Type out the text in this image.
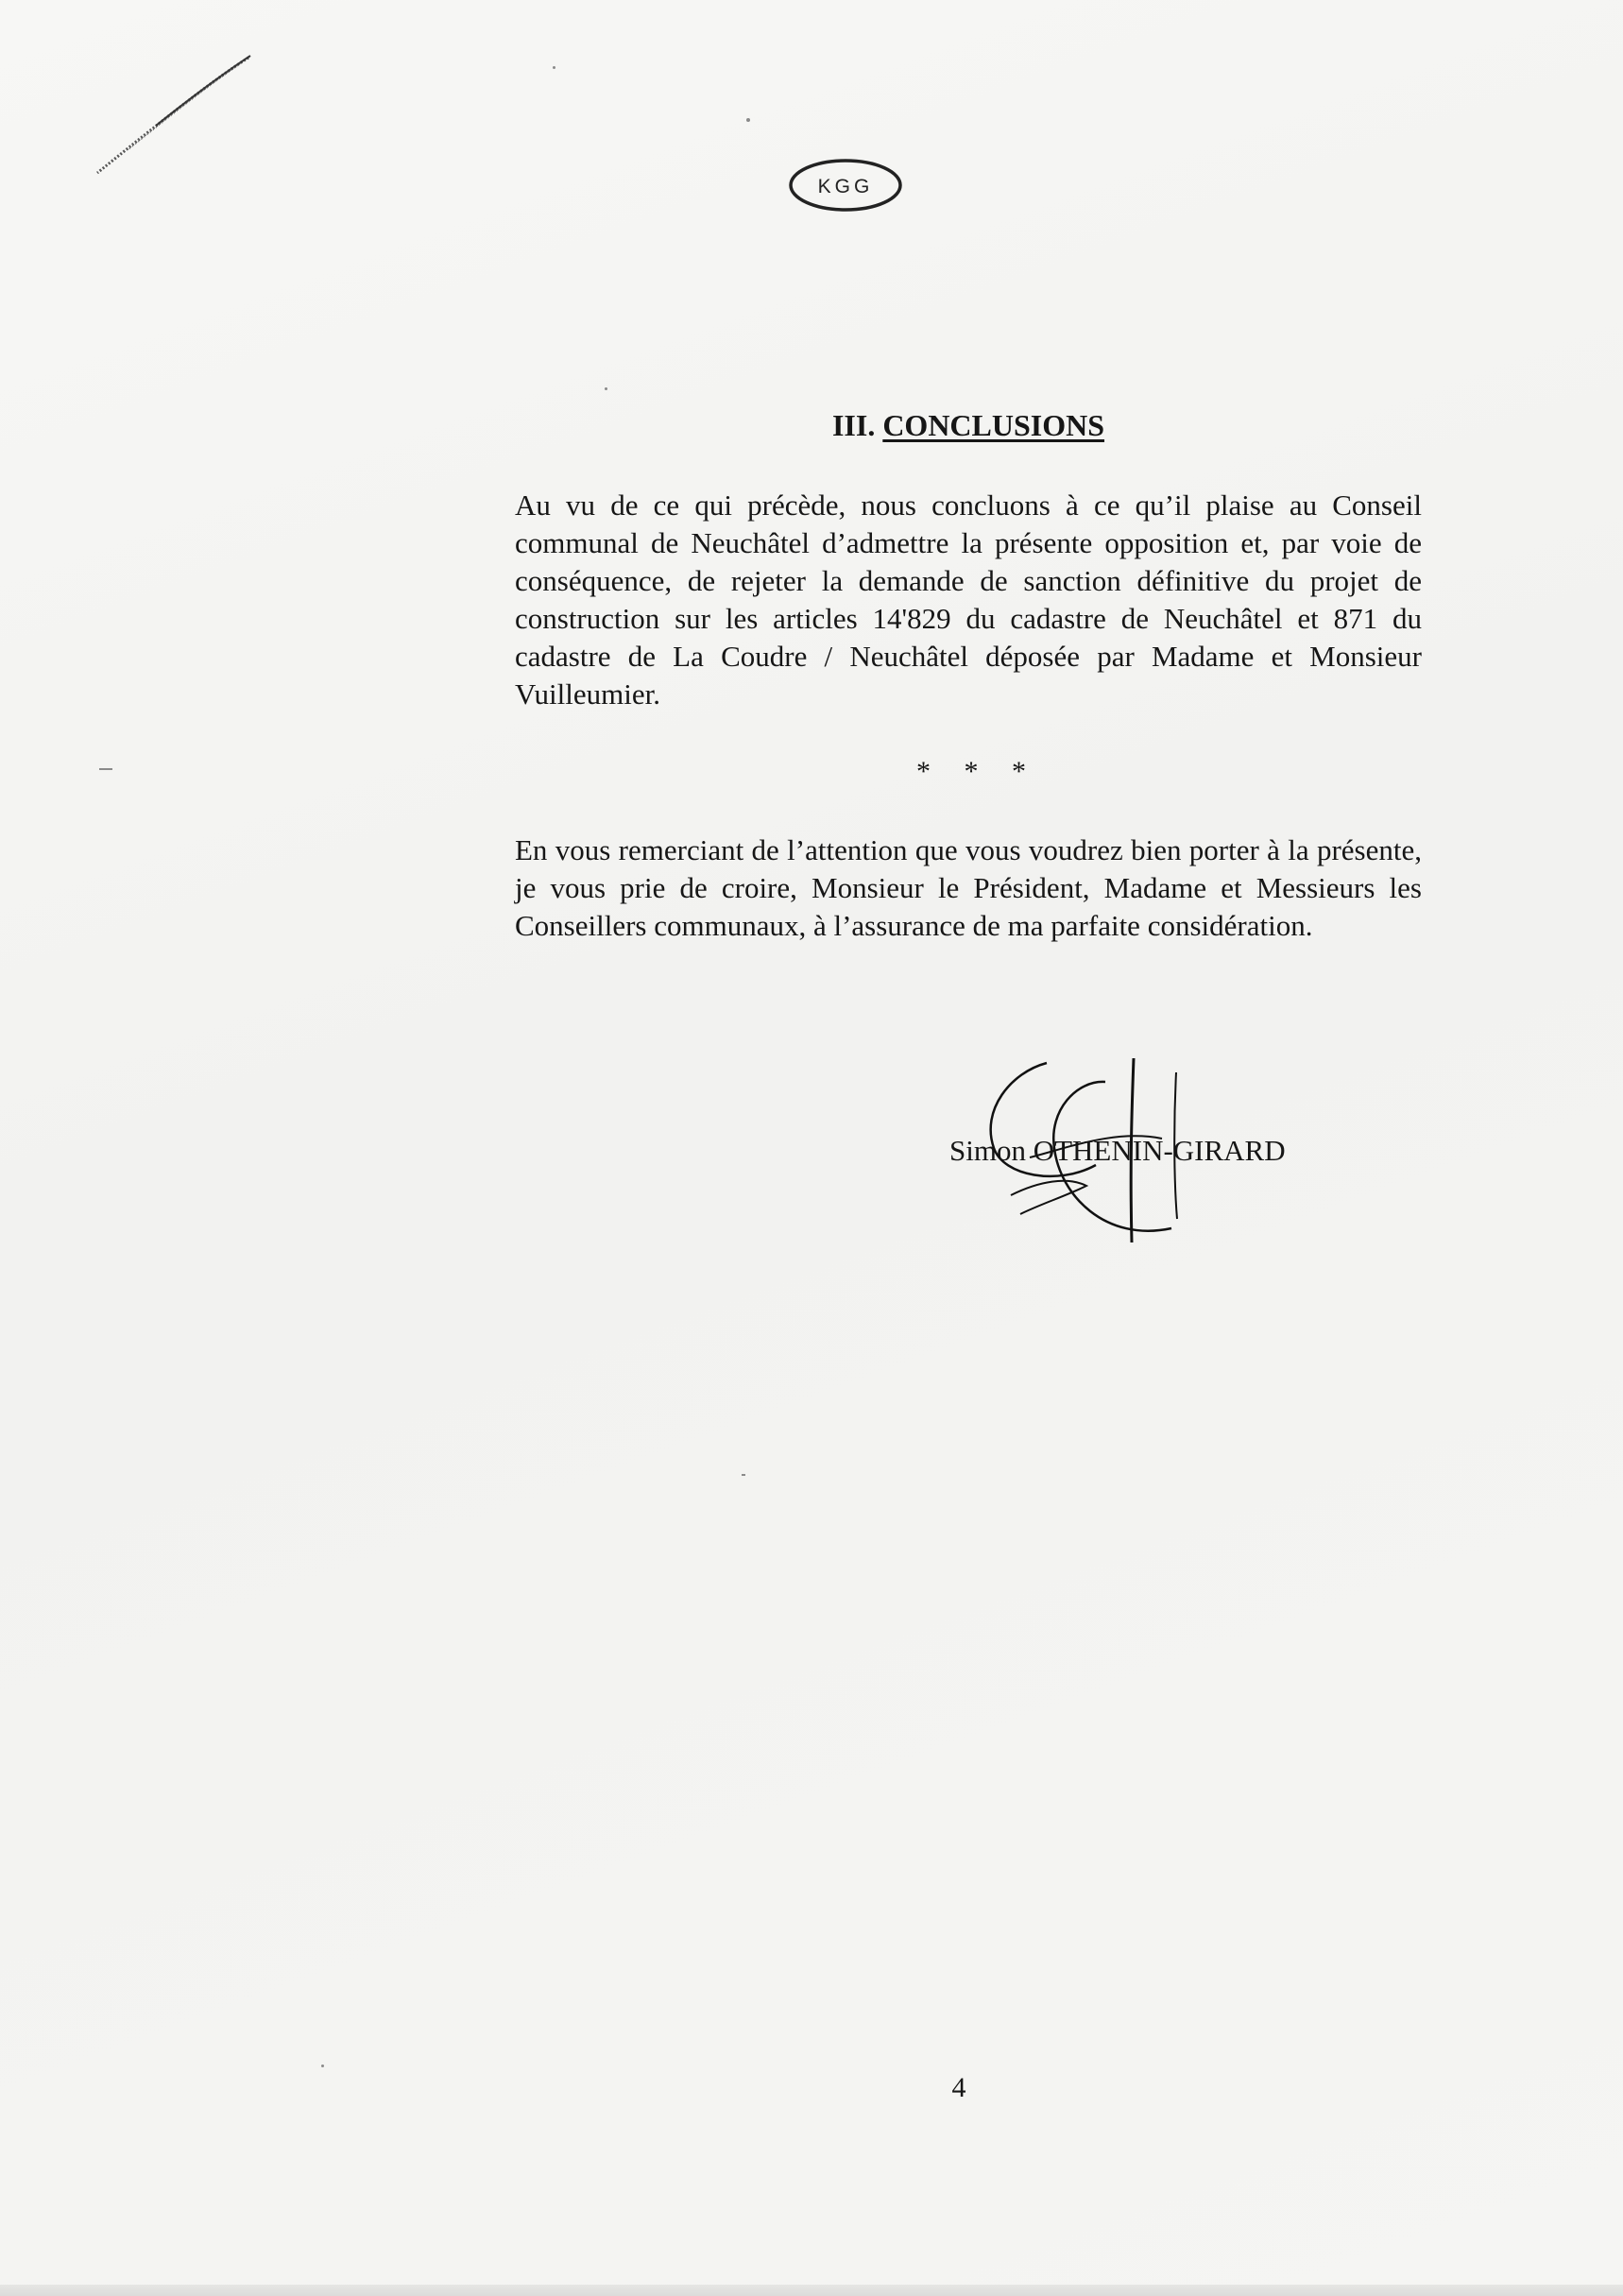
KGG
III. CONCLUSIONS

Au vu de ce qui précède, nous concluons à ce qu’il plaise au Conseil communal de Neuchâtel d’admettre la présente opposition et, par voie de conséquence, de rejeter la demande de sanction définitive du projet de construction sur les articles 14'829 du cadastre de Neuchâtel et 871 du cadastre de La Coudre / Neuchâtel déposée par Madame et Monsieur Vuilleumier.

* * *

En vous remerciant de l’attention que vous voudrez bien porter à la présente, je vous prie de croire, Monsieur le Président, Madame et Messieurs les Conseillers communaux, à l’assurance de ma parfaite considération.

Simon OTHENIN-GIRARD

4
